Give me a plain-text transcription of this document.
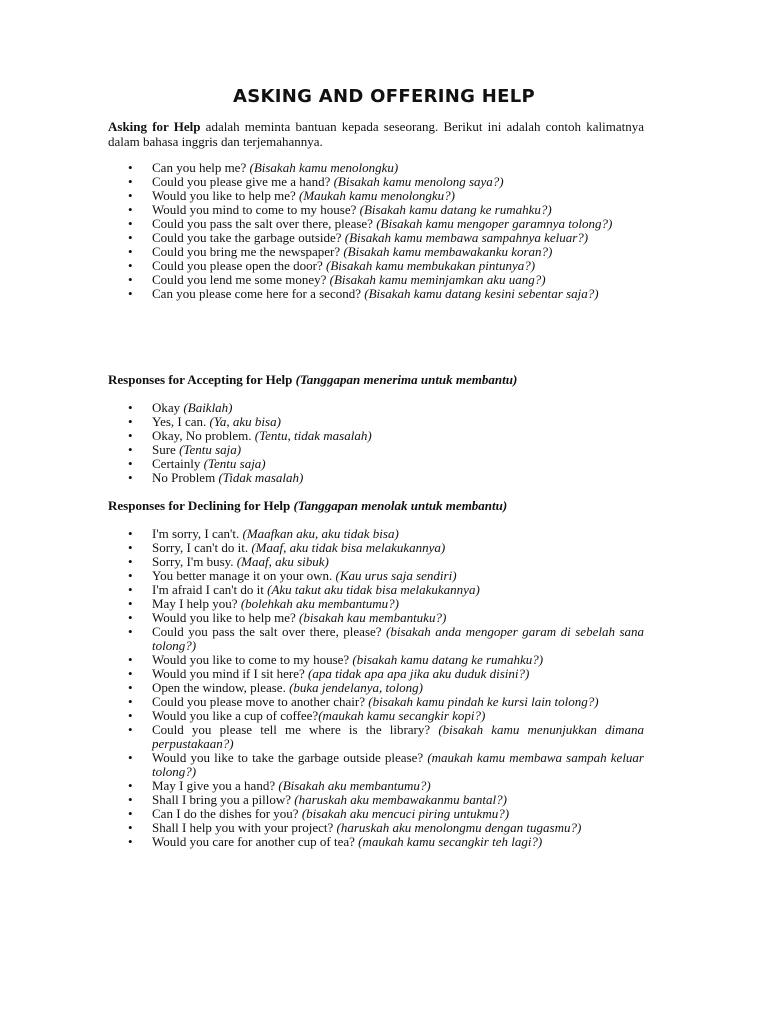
ASKING AND OFFERING HELP

Asking for Help adalah meminta bantuan kepada seseorang. Berikut ini adalah contoh kalimatnya dalam bahasa inggris dan terjemahannya.

• Can you help me? (Bisakah kamu menolongku)
• Could you please give me a hand? (Bisakah kamu menolong saya?)
• Would you like to help me? (Maukah kamu menolongku?)
• Would you mind to come to my house? (Bisakah kamu datang ke rumahku?)
• Could you pass the salt over there, please? (Bisakah kamu mengoper garamnya tolong?)
• Could you take the garbage outside? (Bisakah kamu membawa sampahnya keluar?)
• Could you bring me the newspaper? (Bisakah kamu membawakanku koran?)
• Could you please open the door? (Bisakah kamu membukakan pintunya?)
• Could you lend me some money? (Bisakah kamu meminjamkan aku uang?)
• Can you please come here for a second? (Bisakah kamu datang kesini sebentar saja?)
Responses for Accepting for Help (Tanggapan menerima untuk membantu)
• Okay (Baiklah)
• Yes, I can. (Ya, aku bisa)
• Okay, No problem. (Tentu, tidak masalah)
• Sure (Tentu saja)
• Certainly (Tentu saja)
• No Problem (Tidak masalah)
Responses for Declining for Help (Tanggapan menolak untuk membantu)
• I'm sorry, I can't. (Maafkan aku, aku tidak bisa)
• Sorry, I can't do it. (Maaf, aku tidak bisa melakukannya)
• Sorry, I'm busy. (Maaf, aku sibuk)
• You better manage it on your own. (Kau urus saja sendiri)
• I'm afraid I can't do it (Aku takut aku tidak bisa melakukannya)
• May I help you? (bolehkah aku membantumu?)
• Would you like to help me? (bisakah kau membantuku?)
• Could you pass the salt over there, please? (bisakah anda mengoper garam di sebelah sana tolong?)
• Would you like to come to my house? (bisakah kamu datang ke rumahku?)
• Would you mind if I sit here? (apa tidak apa apa jika aku duduk disini?)
• Open the window, please. (buka jendelanya, tolong)
• Could you please move to another chair? (bisakah kamu pindah ke kursi lain tolong?)
• Would you like a cup of coffee?(maukah kamu secangkir kopi?)
• Could you please tell me where is the library? (bisakah kamu menunjukkan dimana perpustakaan?)
• Would you like to take the garbage outside please? (maukah kamu membawa sampah keluar tolong?)
• May I give you a hand? (Bisakah aku membantumu?)
• Shall I bring you a pillow? (haruskah aku membawakanmu bantal?)
• Can I do the dishes for you? (bisakah aku mencuci piring untukmu?)
• Shall I help you with your project? (haruskah aku menolongmu dengan tugasmu?)
• Would you care for another cup of tea? (maukah kamu secangkir teh lagi?)
